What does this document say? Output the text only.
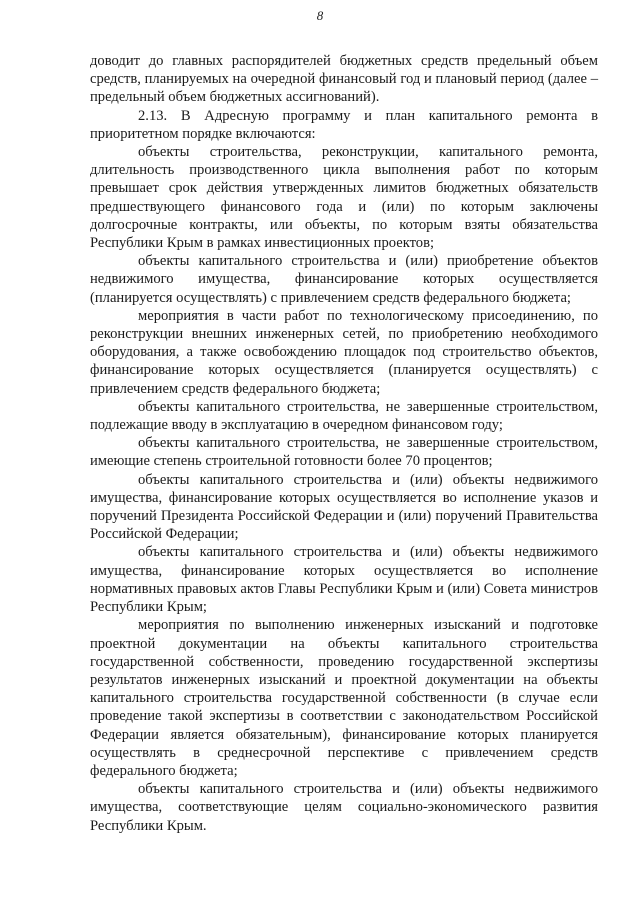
8

доводит до главных распорядителей бюджетных средств предельный объем средств, планируемых на очередной финансовый год и плановый период (далее – предельный объем бюджетных ассигнований).

2.13. В Адресную программу и план капитального ремонта в приоритетном порядке включаются:

объекты строительства, реконструкции, капитального ремонта, длительность производственного цикла выполнения работ по которым превышает срок действия утвержденных лимитов бюджетных обязательств предшествующего финансового года и (или) по которым заключены долгосрочные контракты, или объекты, по которым взяты обязательства Республики Крым в рамках инвестиционных проектов;

объекты капитального строительства и (или) приобретение объектов недвижимого имущества, финансирование которых осуществляется (планируется осуществлять) с привлечением средств федерального бюджета;

мероприятия в части работ по технологическому присоединению, по реконструкции внешних инженерных сетей, по приобретению необходимого оборудования, а также освобождению площадок под строительство объектов, финансирование которых осуществляется (планируется осуществлять) с привлечением средств федерального бюджета;

объекты капитального строительства, не завершенные строительством, подлежащие вводу в эксплуатацию в очередном финансовом году;

объекты капитального строительства, не завершенные строительством, имеющие степень строительной готовности более 70 процентов;

объекты капитального строительства и (или) объекты недвижимого имущества, финансирование которых осуществляется во исполнение указов и поручений Президента Российской Федерации и (или) поручений Правительства Российской Федерации;

объекты капитального строительства и (или) объекты недвижимого имущества, финансирование которых осуществляется во исполнение нормативных правовых актов Главы Республики Крым и (или) Совета министров Республики Крым;

мероприятия по выполнению инженерных изысканий и подготовке проектной документации на объекты капитального строительства государственной собственности, проведению государственной экспертизы результатов инженерных изысканий и проектной документации на объекты капитального строительства государственной собственности (в случае если проведение такой экспертизы в соответствии с законодательством Российской Федерации является обязательным), финансирование которых планируется осуществлять в среднесрочной перспективе с привлечением средств федерального бюджета;

объекты капитального строительства и (или) объекты недвижимого имущества, соответствующие целям социально-экономического развития Республики Крым.
